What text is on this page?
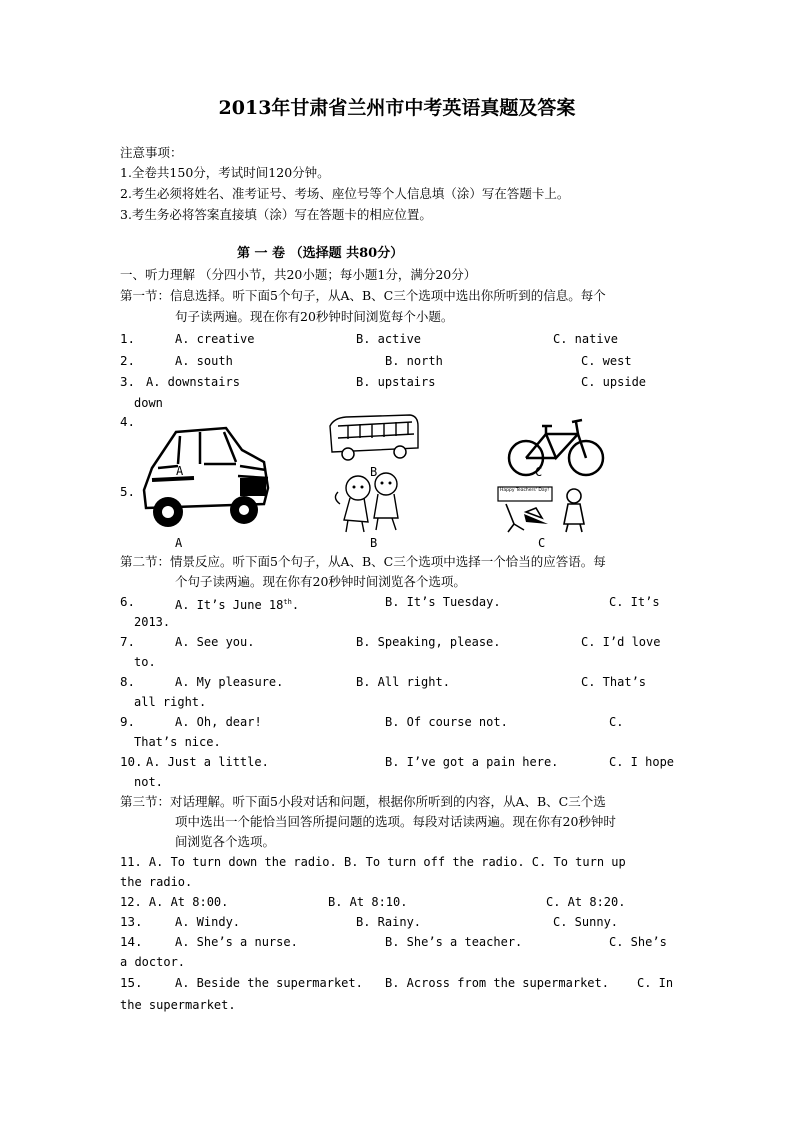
2013年甘肃省兰州市中考英语真题及答案
注意事项：
1.全卷共150分，考试时间120分钟。
2.考生必须将姓名、准考证号、考场、座位号等个人信息填（涂）写在答题卡上。
3.考生务必将答案直接填（涂）写在答题卡的相应位置。
第 一 卷 （选择题 共80分）
一、听力理解 （分四小节，共20小题；每小题1分，满分20分）
第一节：信息选择。听下面5个句子，从A、B、C三个选项中选出你所听到的信息。每个
句子读两遍。现在你有20秒钟时间浏览每个小题。
1.	A. creative	B. active	C. native
2.	A. south	B. north	C. west
3. A. downstairs	B. upstairs	C. upside
down
4.
5.
A	B	C
Happy Teachers' Day!
A	B	C
第二节：情景反应。听下面5个句子，从A、B、C三个选项中选择一个恰当的应答语。每
个句子读两遍。现在你有20秒钟时间浏览各个选项。
6.	A. It’s June 18th.	B. It’s Tuesday.	C. It’s
2013.
7.	A. See you.	B. Speaking, please.	C. I’d love
to.
8.	A. My pleasure.	B. All right.	C. That’s
all right.
9.	A. Oh, dear!	B. Of course not.	C.
That’s nice.
10. A. Just a little.	B. I’ve got a pain here.	C. I hope
not.
第三节：对话理解。听下面5小段对话和问题，根据你所听到的内容，从A、B、C三个选
项中选出一个能恰当回答所提问题的选项。每段对话读两遍。现在你有20秒钟时
间浏览各个选项。
11. A. To turn down the radio. B. To turn off the radio. C. To turn up
the radio.
12. A. At 8:00.	B. At 8:10.	C. At 8:20.
13.	A. Windy.	B. Rainy.	C. Sunny.
14.	A. She’s a nurse.	B. She’s a teacher.	C. She’s
a doctor.
15.	A. Beside the supermarket. B. Across from the supermarket. C. In
the supermarket.
